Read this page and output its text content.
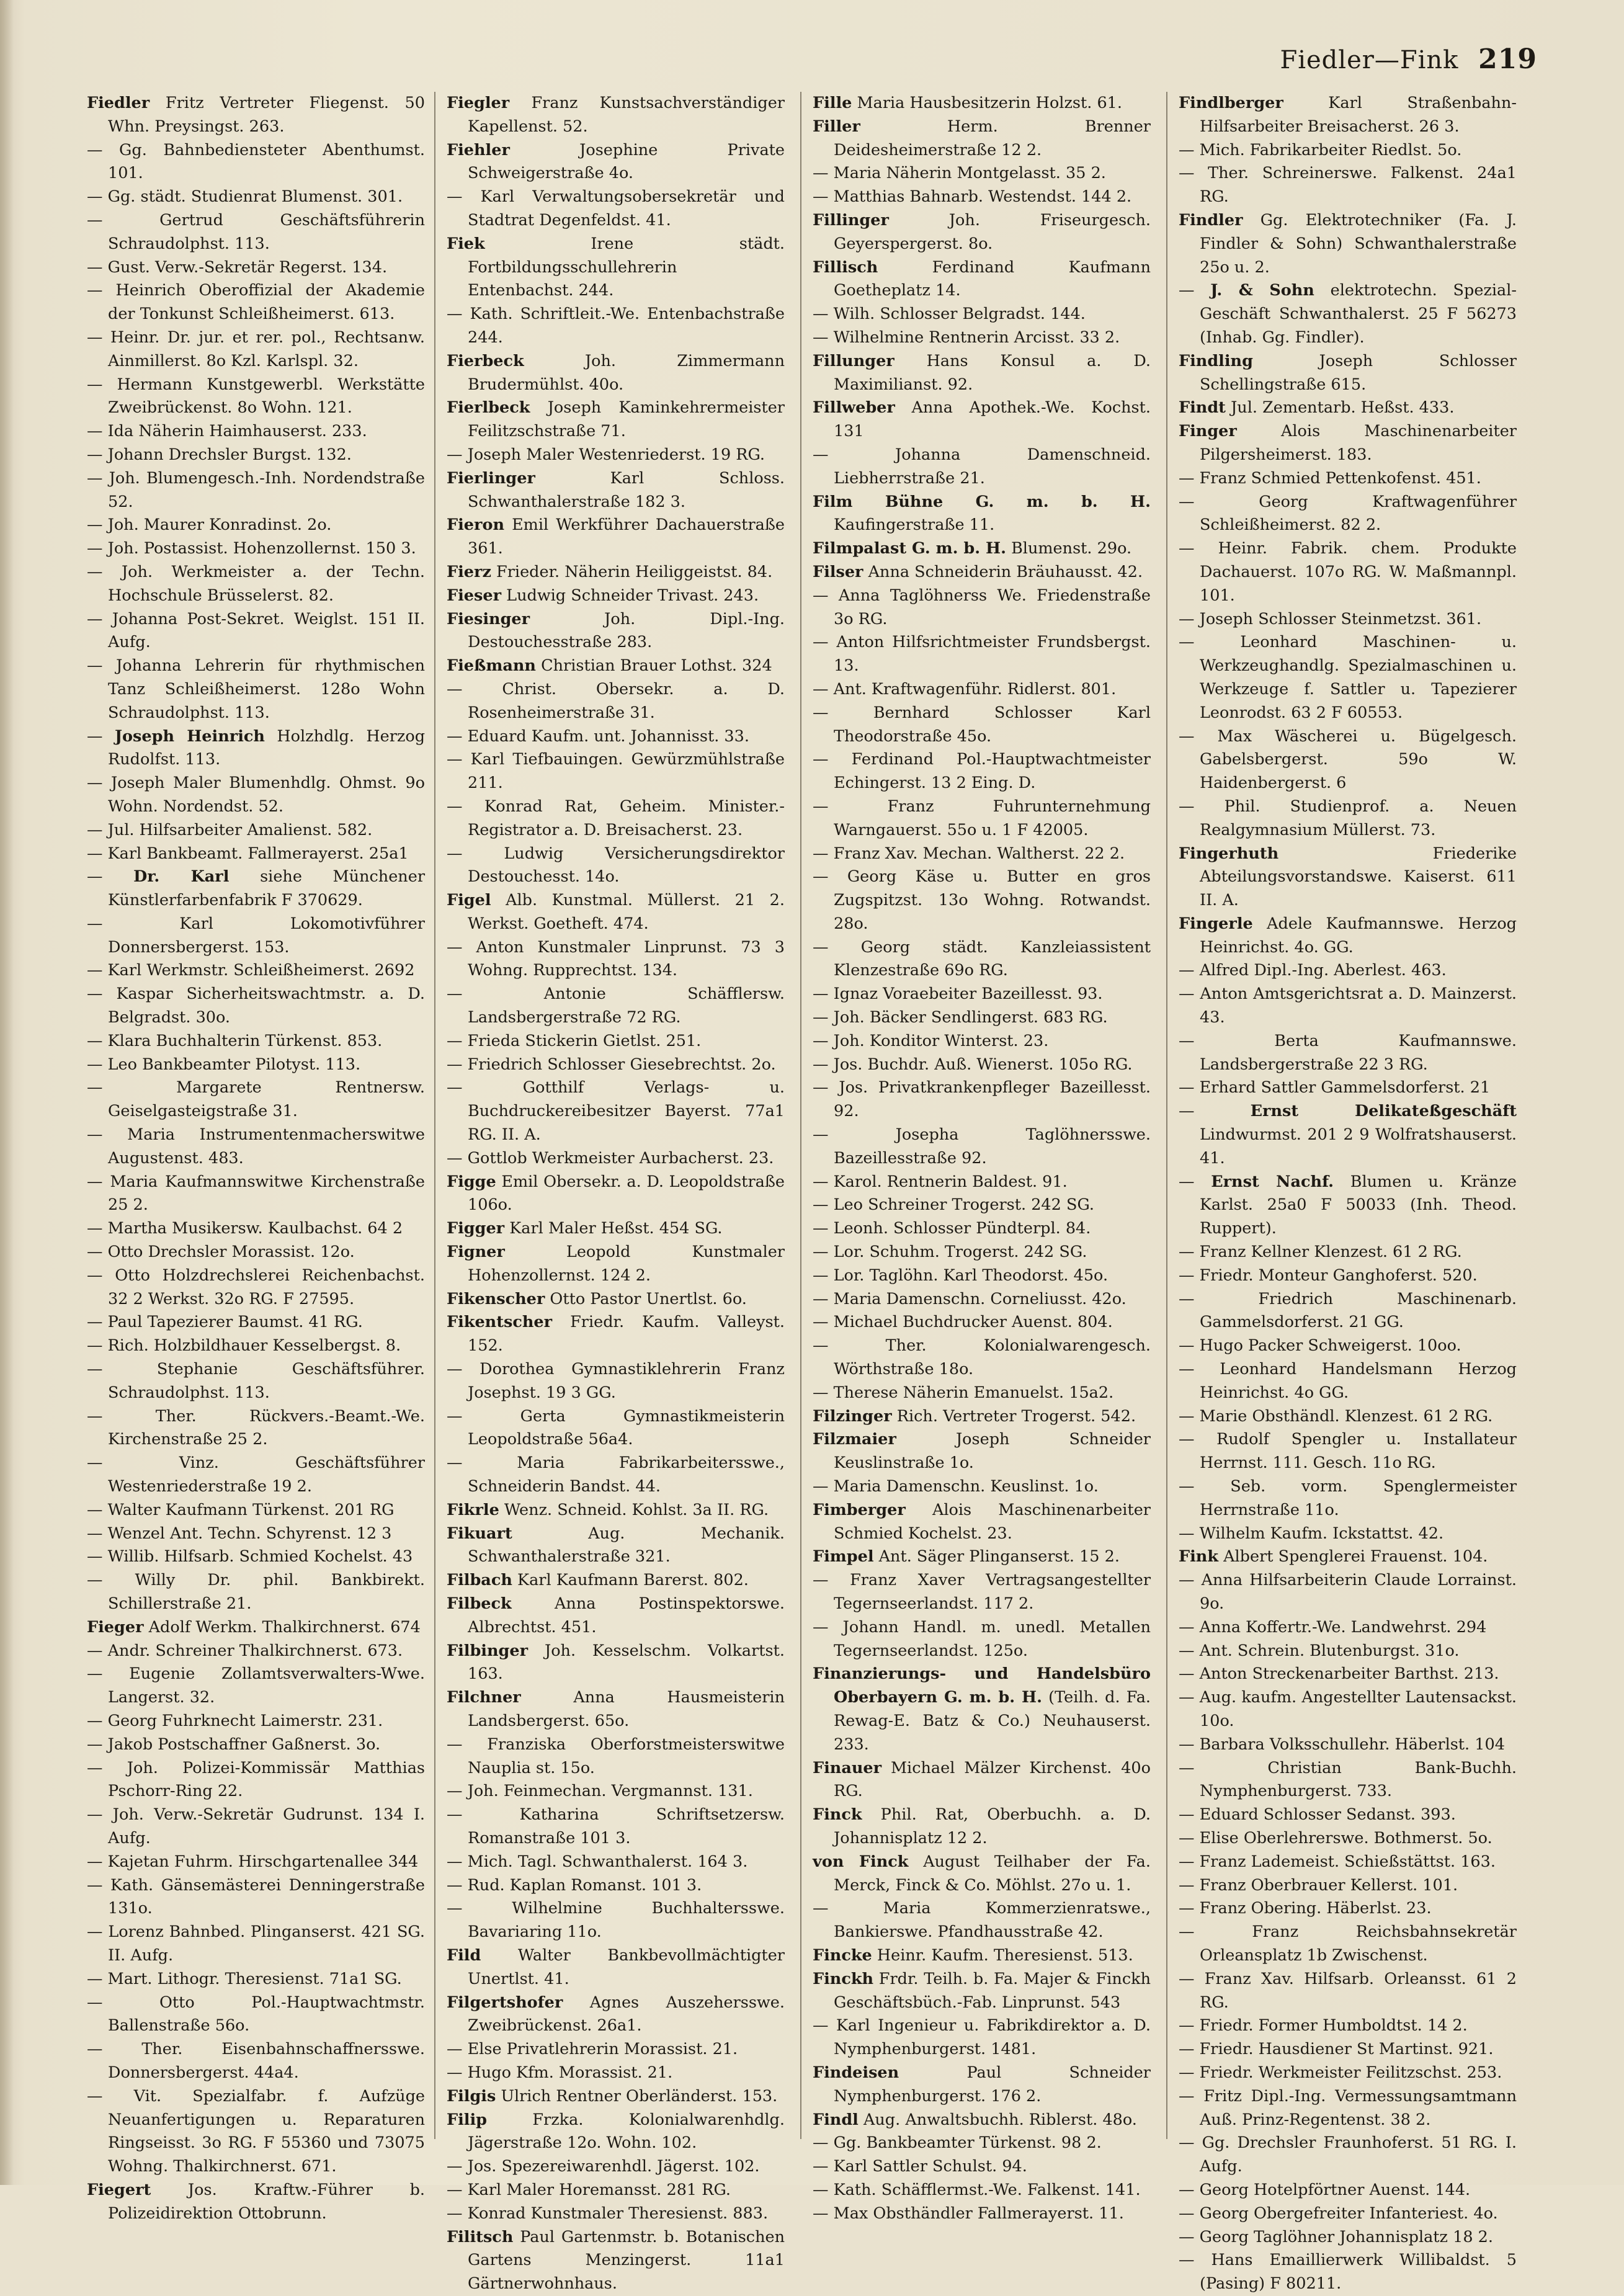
Fiedler—Fink 219

Fiedler Fritz Vertreter Fliegenst. 50 Whn. Preysingst. 263.

— Gg. Bahnbediensteter Abenthumst. 101.

— Gg. städt. Studienrat Blumenst. 301.

— Gertrud Geschäftsführerin Schraudolphst. 113.

— Gust. Verw.-Sekretär Regerst. 134.

— Heinrich Oberoffizial der Akademie der Tonkunst Schleißheimerst. 613.

— Heinr. Dr. jur. et rer. pol., Rechtsanw. Ainmillerst. 8o Kzl. Karlspl. 32.

— Hermann Kunstgewerbl. Werkstätte Zweibrückenst. 8o Wohn. 121.

— Ida Näherin Haimhauserst. 233.

— Johann Drechsler Burgst. 132.

— Joh. Blumengesch.-Inh. Nordendstraße 52.

— Joh. Maurer Konradinst. 2o.

— Joh. Postassist. Hohenzollernst. 150 3.

— Joh. Werkmeister a. der Techn. Hochschule Brüsselerst. 82.

— Johanna Post-Sekret. Weiglst. 151 II. Aufg.

— Johanna Lehrerin für rhythmischen Tanz Schleißheimerst. 128o Wohn Schraudolphst. 113.

— Joseph Heinrich Holzhdlg. Herzog Rudolfst. 113.

— Joseph Maler Blumenhdlg. Ohmst. 9o Wohn. Nordendst. 52.

— Jul. Hilfsarbeiter Amalienst. 582.

— Karl Bankbeamt. Fallmerayerst. 25a1

— Dr. Karl siehe Münchener Künstlerfarbenfabrik F 370629.

— Karl Lokomotivführer Donnersbergerst. 153.

— Karl Werkmstr. Schleißheimerst. 2692

— Kaspar Sicherheitswachtmstr. a. D. Belgradst. 30o.

— Klara Buchhalterin Türkenst. 853.

— Leo Bankbeamter Pilotyst. 113.

— Margarete Rentnersw. Geiselgasteigstraße 31.

— Maria Instrumentenmacherswitwe Augustenst. 483.

— Maria Kaufmannswitwe Kirchenstraße 25 2.

— Martha Musikersw. Kaulbachst. 64 2

— Otto Drechsler Morassist. 12o.

— Otto Holzdrechslerei Reichenbachst. 32 2 Werkst. 32o RG. F 27595.

— Paul Tapezierer Baumst. 41 RG.

— Rich. Holzbildhauer Kesselbergst. 8.

— Stephanie Geschäftsführer. Schraudolphst. 113.

— Ther. Rückvers.-Beamt.-We. Kirchenstraße 25 2.

— Vinz. Geschäftsführer Westenriederstraße 19 2.

— Walter Kaufmann Türkenst. 201 RG

— Wenzel Ant. Techn. Schyrenst. 12 3

— Willib. Hilfsarb. Schmied Kochelst. 43

— Willy Dr. phil. Bankbirekt. Schillerstraße 21.

Fieger Adolf Werkm. Thalkirchnerst. 674

— Andr. Schreiner Thalkirchnerst. 673.

— Eugenie Zollamtsverwalters-Wwe. Langerst. 32.

— Georg Fuhrknecht Laimerstr. 231.

— Jakob Postschaffner Gaßnerst. 3o.

— Joh. Polizei-Kommissär Matthias Pschorr-Ring 22.

— Joh. Verw.-Sekretär Gudrunst. 134 I. Aufg.

— Kajetan Fuhrm. Hirschgartenallee 344

— Kath. Gänsemästerei Denningerstraße 131o.

— Lorenz Bahnbed. Plinganserst. 421 SG. II. Aufg.

— Mart. Lithogr. Theresienst. 71a1 SG.

— Otto Pol.-Hauptwachtmstr. Ballenstraße 56o.

— Ther. Eisenbahnschaffnersswe. Donnersbergerst. 44a4.

— Vit. Spezialfabr. f. Aufzüge Neuanfertigungen u. Reparaturen Ringseisst. 3o RG. F 55360 und 73075 Wohng. Thalkirchnerst. 671.

Fiegert Jos. Kraftw.-Führer b. Polizeidirektion Ottobrunn.

Fiegler Franz Kunstsachverständiger Kapellenst. 52.

Fiehler	Josephine Private Schweigerstraße 4o.

— Karl Verwaltungsobersekretär und Stadtrat Degenfeldst. 41.

Fiek	Irene städt. Fortbildungsschullehrerin Entenbachst. 244.

— Kath. Schriftleit.-We. Entenbachstraße 244.

Fierbeck	Joh. Zimmermann Brudermühlst. 40o.

Fierlbeck Joseph Kaminkehrermeister Feilitzschstraße 71.

— Joseph Maler Westenriederst. 19 RG.

Fierlinger	Karl Schloss. Schwanthalerstraße 182 3.

Fieron Emil Werkführer Dachauerstraße 361.

Fierz Frieder. Näherin Heiliggeistst. 84.

Fieser Ludwig Schneider Trivast. 243.

Fiesinger	Joh. Dipl.-Ing. Destouchesstraße 283.

Fießmann Christian Brauer Lothst. 324

— Christ. Obersekr. a. D. Rosenheimerstraße 31.

— Eduard Kaufm. unt. Johannisst. 33.

— Karl Tiefbauingen. Gewürzmühlstraße 211.

— Konrad Rat, Geheim. Minister.-Registrator a. D. Breisacherst. 23.

— Ludwig Versicherungsdirektor Destouchesst. 14o.

Figel Alb. Kunstmal. Müllerst. 21 2. Werkst. Goetheft. 474.

— Anton Kunstmaler Linprunst. 73 3 Wohng. Rupprechtst. 134.

— Antonie Schäfflersw. Landsbergerstraße 72 RG.

— Frieda Stickerin Gietlst. 251.

— Friedrich Schlosser Giesebrechtst. 2o.

— Gotthilf Verlags- u. Buchdruckereibesitzer Bayerst. 77a1 RG. II. A.

— Gottlob Werkmeister Aurbacherst. 23.

Figge Emil Obersekr. a. D. Leopoldstraße 106o.

Figger Karl Maler Heßst. 454 SG.

Figner	Leopold Kunstmaler Hohenzollernst. 124 2.

Fikenscher Otto Pastor Unertlst. 6o.

Fikentscher Friedr. Kaufm. Valleyst. 152.

— Dorothea Gymnastiklehrerin Franz Josephst. 19 3 GG.

— Gerta Gymnastikmeisterin Leopoldstraße 56a4.

— Maria Fabrikarbeitersswe., Schneiderin Bandst. 44.

Fikrle Wenz. Schneid. Kohlst. 3a II. RG.

Fikuart	Aug. Mechanik. Schwanthalerstraße 321.

Filbach Karl Kaufmann Barerst. 802.

Filbeck	Anna Postinspektorswe. Albrechtst. 451.

Filbinger Joh. Kesselschm. Volkartst. 163.

Filchner	Anna Hausmeisterin Landsbergerst. 65o.

— Franziska Oberforstmeisterswitwe Nauplia st. 15o.

— Joh. Feinmechan. Vergmannst. 131.

— Katharina Schriftsetzersw. Romanstraße 101 3.

— Mich. Tagl. Schwanthalerst. 164 3.

— Rud. Kaplan Romanst. 101 3.

— Wilhelmine Buchhaltersswe. Bavariaring 11o.

Fild Walter Bankbevollmächtigter Unertlst. 41.

Filgertshofer Agnes Auszehersswe. Zweibrückenst. 26a1.

— Else Privatlehrerin Morassist. 21.

— Hugo Kfm. Morassist. 21.

Filgis Ulrich Rentner Oberländerst. 153.

Filip	Frzka. Kolonialwarenhdlg. Jägerstraße 12o. Wohn. 102.

— Jos. Spezereiwarenhdl. Jägerst. 102.

— Karl Maler Horemansst. 281 RG.

— Konrad Kunstmaler Theresienst. 883.

Filitsch Paul Gartenmstr. b. Botanischen Gartens Menzingerst. 11a1 Gärtnerwohnhaus.

Fille Maria Hausbesitzerin Holzst. 61.

Filler	Herm. Brenner Deidesheimerstraße 12 2.

— Maria Näherin Montgelasst. 35 2.

— Matthias Bahnarb. Westendst. 144 2.

Fillinger	Joh. Friseurgesch. Geyerspergerst. 8o.

Fillisch	Ferdinand Kaufmann Goetheplatz 14.

— Wilh. Schlosser Belgradst. 144.

— Wilhelmine Rentnerin Arcisst. 33 2.

Fillunger Hans Konsul a. D. Maximilianst. 92.

Fillweber Anna Apothek.-We. Kochst. 131

— Johanna Damenschneid. Liebherrstraße 21.

Film Bühne G. m. b. H. Kaufingerstraße 11.

Filmpalast G. m. b. H. Blumenst. 29o.

Filser Anna Schneiderin Bräuhausst. 42.

— Anna Taglöhnerss We. Friedenstraße 3o RG.

— Anton Hilfsrichtmeister Frundsbergst. 13.

— Ant. Kraftwagenführ. Ridlerst. 801.

— Bernhard Schlosser Karl Theodorstraße 45o.

— Ferdinand Pol.-Hauptwachtmeister Echingerst. 13 2 Eing. D.

— Franz Fuhrunternehmung Warngauerst. 55o u. 1 F 42005.

— Franz Xav. Mechan. Waltherst. 22 2.

— Georg Käse u. Butter en gros Zugspitzst. 13o Wohng. Rotwandst. 28o.

— Georg städt. Kanzleiassistent Klenzestraße 69o RG.

— Ignaz Voraebeiter Bazeillesst. 93.

— Joh. Bäcker Sendlingerst. 683 RG.

— Joh. Konditor Winterst. 23.

— Jos. Buchdr. Auß. Wienerst. 105o RG.

— Jos. Privatkrankenpfleger Bazeillesst. 92.

— Josepha Taglöhnersswe. Bazeillesstraße 92.

— Karol. Rentnerin Baldest. 91.

— Leo Schreiner Trogerst. 242 SG.

— Leonh. Schlosser Pündterpl. 84.

— Lor. Schuhm. Trogerst. 242 SG.

— Lor. Taglöhn. Karl Theodorst. 45o.

— Maria Damenschn. Corneliusst. 42o.

— Michael Buchdrucker Auenst. 804.

— Ther. Kolonialwarengesch. Wörthstraße 18o.

— Therese Näherin Emanuelst. 15a2.

Filzinger Rich. Vertreter Trogerst. 542.

Filzmaier	Joseph Schneider Keuslinstraße 1o.

— Maria Damenschn. Keuslinst. 1o.

Fimberger Alois Maschinenarbeiter Schmied Kochelst. 23.

Fimpel Ant. Säger Plinganserst. 15 2.

— Franz Xaver Vertragsangestellter Tegernseerlandst. 117 2.

— Johann Handl. m. unedl. Metallen Tegernseerlandst. 125o.

Finanzierungs- und Handelsbüro Oberbayern G. m. b. H. (Teilh. d. Fa. Rewag-E. Batz & Co.) Neuhauserst. 233.

Finauer Michael Mälzer Kirchenst. 40o RG.

Finck Phil. Rat, Oberbuchh. a. D. Johannisplatz 12 2.

von Finck August Teilhaber der Fa. Merck, Finck & Co. Möhlst. 27o u. 1.

— Maria Kommerzienratswe., Bankierswe. Pfandhausstraße 42.

Fincke Heinr. Kaufm. Theresienst. 513.

Finckh Frdr. Teilh. b. Fa. Majer & Finckh Geschäftsbüch.-Fab. Linprunst. 543

— Karl Ingenieur u. Fabrikdirektor a. D. Nymphenburgerst. 1481.

Findeisen	Paul Schneider Nymphenburgerst. 176 2.

Findl Aug. Anwaltsbuchh. Riblerst. 48o.

— Gg. Bankbeamter Türkenst. 98 2.

— Karl Sattler Schulst. 94.

— Kath. Schäfflermst.-We. Falkenst. 141.

— Max Obsthändler Fallmerayerst. 11.

Findlberger	Karl Straßenbahn-Hilfsarbeiter Breisacherst. 26 3.

— Mich. Fabrikarbeiter Riedlst. 5o.

— Ther. Schreinerswe. Falkenst. 24a1 RG.

Findler Gg. Elektrotechniker (Fa. J. Findler & Sohn) Schwanthalerstraße 25o u. 2.

— J. & Sohn elektrotechn. Spezial-Geschäft Schwanthalerst. 25 F 56273 (Inhab. Gg. Findler).

Findling	Joseph Schlosser Schellingstraße 615.

Findt Jul. Zementarb. Heßst. 433.

Finger	Alois Maschinenarbeiter Pilgersheimerst. 183.

— Franz Schmied Pettenkofenst. 451.

— Georg Kraftwagenführer Schleißheimerst. 82 2.

— Heinr. Fabrik. chem. Produkte Dachauerst. 107o RG. W. Maßmannpl. 101.

— Joseph Schlosser Steinmetzst. 361.

— Leonhard Maschinen- u. Werkzeughandlg. Spezialmaschinen u. Werkzeuge f. Sattler u. Tapezierer Leonrodst. 63 2 F 60553.

— Max Wäscherei u. Bügelgesch. Gabelsbergerst. 59o W. Haidenbergerst. 6

— Phil. Studienprof. a. Neuen Realgymnasium Müllerst. 73.

Fingerhuth	Friederike Abteilungsvorstandswe. Kaiserst. 611 II. A.

Fingerle Adele Kaufmannswe. Herzog Heinrichst. 4o. GG.

— Alfred Dipl.-Ing. Aberlest. 463.

— Anton Amtsgerichtsrat a. D. Mainzerst. 43.

— Berta Kaufmannswe. Landsbergerstraße 22 3 RG.

— Erhard Sattler Gammelsdorferst. 21

— Ernst Delikateßgeschäft Lindwurmst. 201 2 9 Wolfratshauserst. 41.

— Ernst Nachf. Blumen u. Kränze Karlst. 25a0 F 50033 (Inh. Theod. Ruppert).

— Franz Kellner Klenzest. 61 2 RG.

— Friedr. Monteur Ganghoferst. 520.

— Friedrich Maschinenarb. Gammelsdorferst. 21 GG.

— Hugo Packer Schweigerst. 10oo.

— Leonhard Handelsmann Herzog Heinrichst. 4o GG.

— Marie Obsthändl. Klenzest. 61 2 RG.

— Rudolf Spengler u. Installateur Herrnst. 111. Gesch. 11o RG.

— Seb. vorm. Spenglermeister Herrnstraße 11o.

— Wilhelm Kaufm. Ickstattst. 42.

Fink Albert Spenglerei Frauenst. 104.

— Anna Hilfsarbeiterin Claude Lorrainst. 9o.

— Anna Koffertr.-We. Landwehrst. 294

— Ant. Schrein. Blutenburgst. 31o.

— Anton Streckenarbeiter Barthst. 213.

— Aug. kaufm. Angestellter Lautensackst. 10o.

— Barbara Volksschullehr. Häberlst. 104

— Christian Bank-Buchh. Nymphenburgerst. 733.

— Eduard Schlosser Sedanst. 393.

— Elise Oberlehrerswe. Bothmerst. 5o.

— Franz Lademeist. Schießstättst. 163.

— Franz Oberbrauer Kellerst. 101.

— Franz Obering. Häberlst. 23.

— Franz Reichsbahnsekretär Orleansplatz 1b Zwischenst.

— Franz Xav. Hilfsarb. Orleansst. 61 2 RG.

— Friedr. Former Humboldtst. 14 2.

— Friedr. Hausdiener St Martinst. 921.

— Friedr. Werkmeister Feilitzschst. 253.

— Fritz Dipl.-Ing. Vermessungsamtmann Auß. Prinz-Regentenst. 38 2.

— Gg. Drechsler Fraunhoferst. 51 RG. I. Aufg.

— Georg Hotelpförtner Auenst. 144.

— Georg Obergefreiter Infanteriest. 4o.

— Georg Taglöhner Johannisplatz 18 2.

— Hans Emaillierwerk Willibaldst. 5 (Pasing) F 80211.
